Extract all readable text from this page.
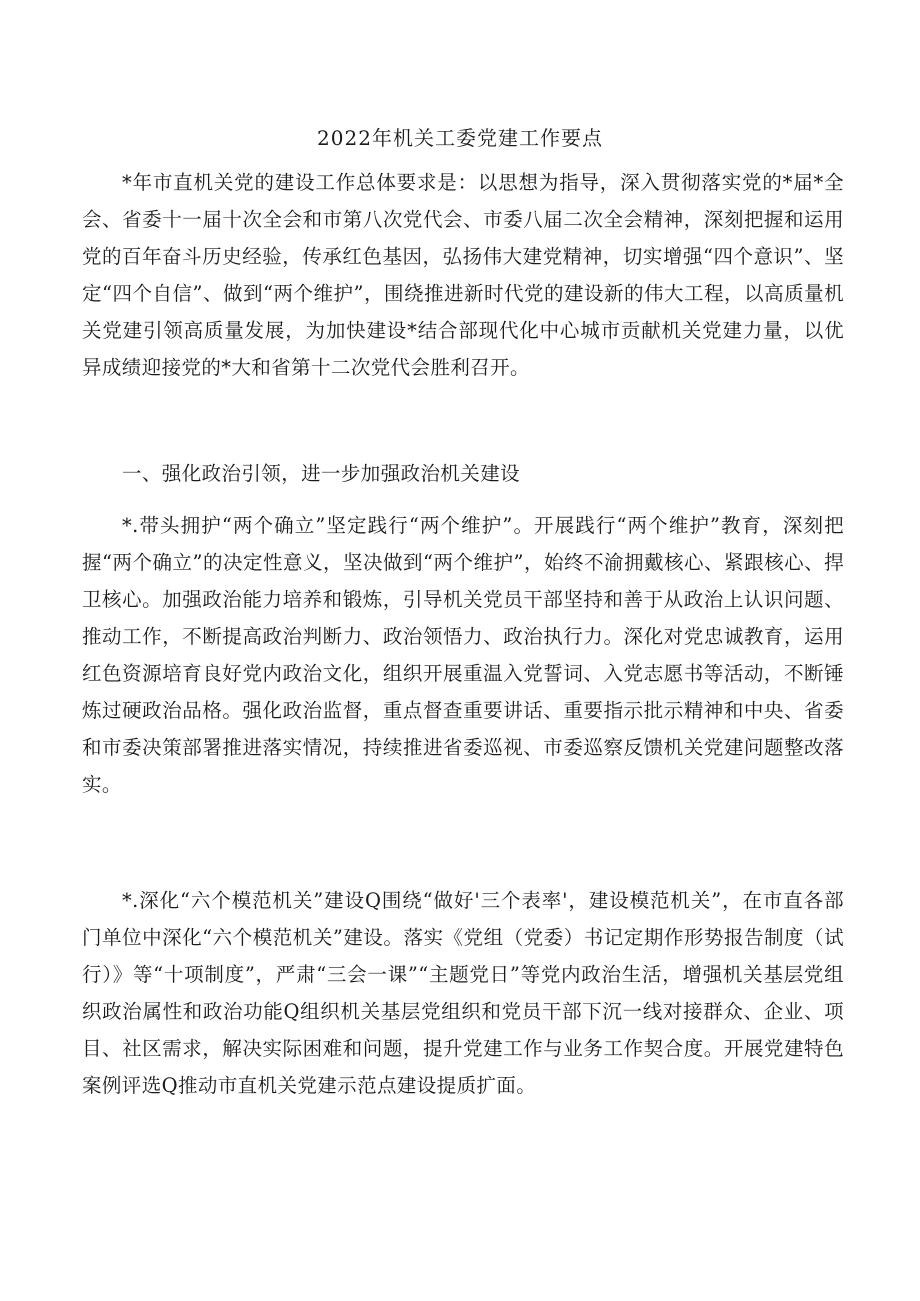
2022年机关工委党建工作要点

*年市直机关党的建设工作总体要求是：以思想为指导，深入贯彻落实党的*届*全会、省委十一届十次全会和市第八次党代会、市委八届二次全会精神，深刻把握和运用党的百年奋斗历史经验，传承红色基因，弘扬伟大建党精神，切实增强“四个意识”、坚定“四个自信”、做到“两个维护”，围绕推进新时代党的建设新的伟大工程，以高质量机关党建引领高质量发展，为加快建设*结合部现代化中心城市贡献机关党建力量，以优异成绩迎接党的*大和省第十二次党代会胜利召开。

一、强化政治引领，进一步加强政治机关建设

*.带头拥护“两个确立”坚定践行“两个维护”。开展践行“两个维护”教育，深刻把握“两个确立”的决定性意义，坚决做到“两个维护”，始终不渝拥戴核心、紧跟核心、捍卫核心。加强政治能力培养和锻炼，引导机关党员干部坚持和善于从政治上认识问题、推动工作，不断提高政治判断力、政治领悟力、政治执行力。深化对党忠诚教育，运用红色资源培育良好党内政治文化，组织开展重温入党誓词、入党志愿书等活动，不断锤炼过硬政治品格。强化政治监督，重点督查重要讲话、重要指示批示精神和中央、省委和市委决策部署推进落实情况，持续推进省委巡视、市委巡察反馈机关党建问题整改落实。

*.深化“六个模范机关”建设Q围绕“做好'三个表率'，建设模范机关”，在市直各部门单位中深化“六个模范机关”建设。落实《党组（党委）书记定期作形势报告制度（试行）》等“十项制度”，严肃“三会一课”“主题党日”等党内政治生活，增强机关基层党组织政治属性和政治功能Q组织机关基层党组织和党员干部下沉一线对接群众、企业、项目、社区需求，解决实际困难和问题，提升党建工作与业务工作契合度。开展党建特色案例评选Q推动市直机关党建示范点建设提质扩面。
